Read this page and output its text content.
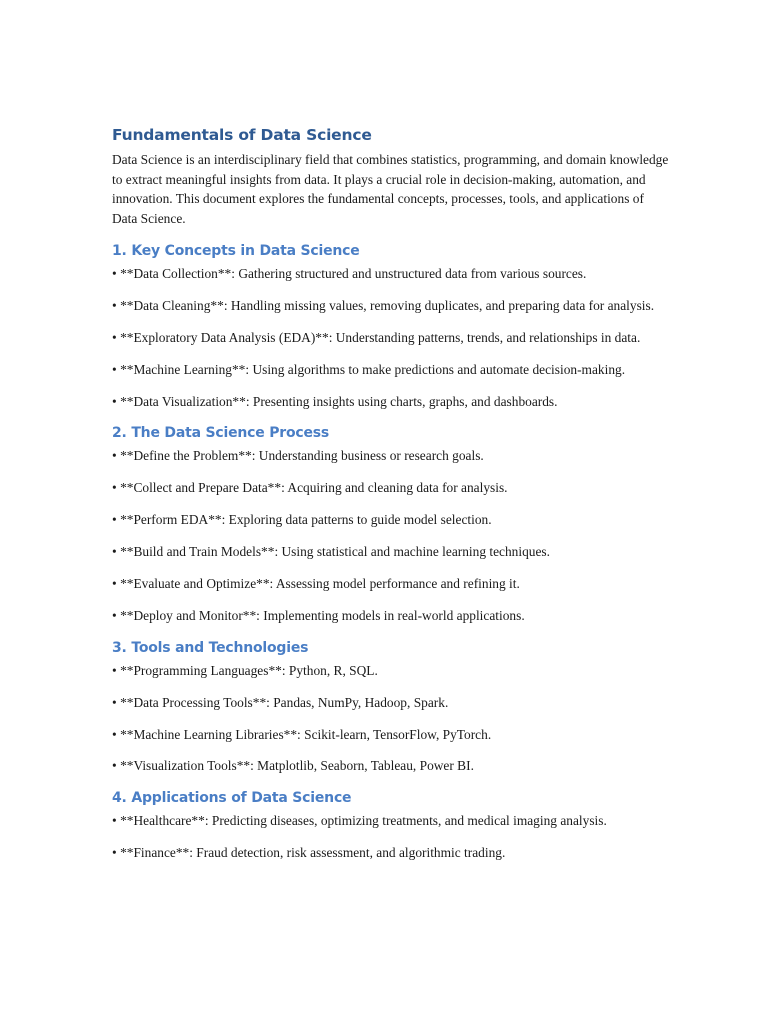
Fundamentals of Data Science

Data Science is an interdisciplinary field that combines statistics, programming, and domain knowledge to extract meaningful insights from data. It plays a crucial role in decision-making, automation, and innovation. This document explores the fundamental concepts, processes, tools, and applications of Data Science.

1. Key Concepts in Data Science
• **Data Collection**: Gathering structured and unstructured data from various sources.
• **Data Cleaning**: Handling missing values, removing duplicates, and preparing data for analysis.
• **Exploratory Data Analysis (EDA)**: Understanding patterns, trends, and relationships in data.
• **Machine Learning**: Using algorithms to make predictions and automate decision-making.
• **Data Visualization**: Presenting insights using charts, graphs, and dashboards.
2. The Data Science Process
• **Define the Problem**: Understanding business or research goals.
• **Collect and Prepare Data**: Acquiring and cleaning data for analysis.
• **Perform EDA**: Exploring data patterns to guide model selection.
• **Build and Train Models**: Using statistical and machine learning techniques.
• **Evaluate and Optimize**: Assessing model performance and refining it.
• **Deploy and Monitor**: Implementing models in real-world applications.
3. Tools and Technologies
• **Programming Languages**: Python, R, SQL.
• **Data Processing Tools**: Pandas, NumPy, Hadoop, Spark.
• **Machine Learning Libraries**: Scikit-learn, TensorFlow, PyTorch.
• **Visualization Tools**: Matplotlib, Seaborn, Tableau, Power BI.
4. Applications of Data Science
• **Healthcare**: Predicting diseases, optimizing treatments, and medical imaging analysis.
• **Finance**: Fraud detection, risk assessment, and algorithmic trading.
